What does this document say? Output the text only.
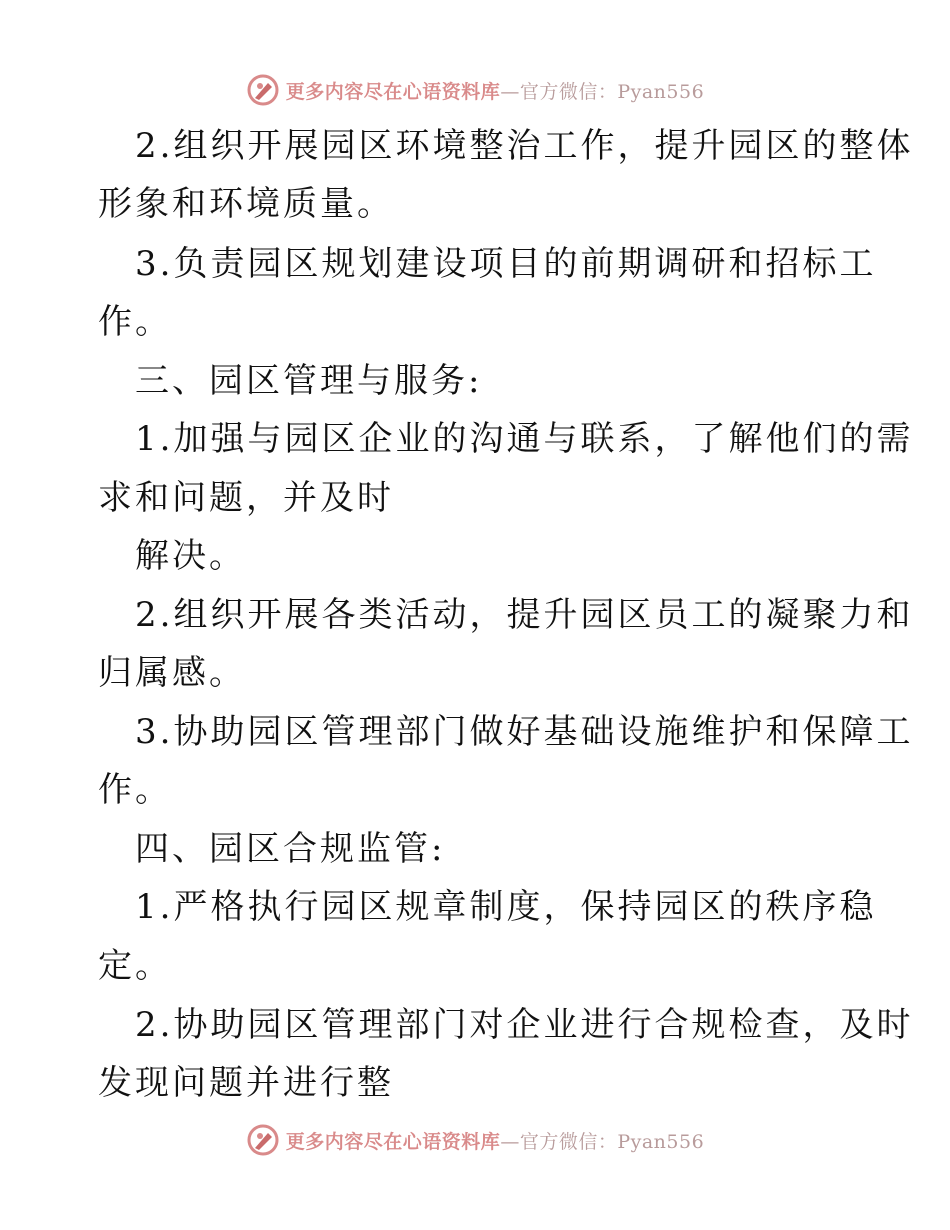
更多内容尽在心语资料库—官方微信：Pyan556
2.组织开展园区环境整治工作，提升园区的整体
形象和环境质量。
3.负责园区规划建设项目的前期调研和招标工
作。
三、园区管理与服务:
1.加强与园区企业的沟通与联系，了解他们的需
求和问题，并及时
解决。
2.组织开展各类活动，提升园区员工的凝聚力和
归属感。
3.协助园区管理部门做好基础设施维护和保障工
作。
四、园区合规监管:
1.严格执行园区规章制度，保持园区的秩序稳
定。
2.协助园区管理部门对企业进行合规检查，及时
发现问题并进行整
更多内容尽在心语资料库—官方微信：Pyan556
